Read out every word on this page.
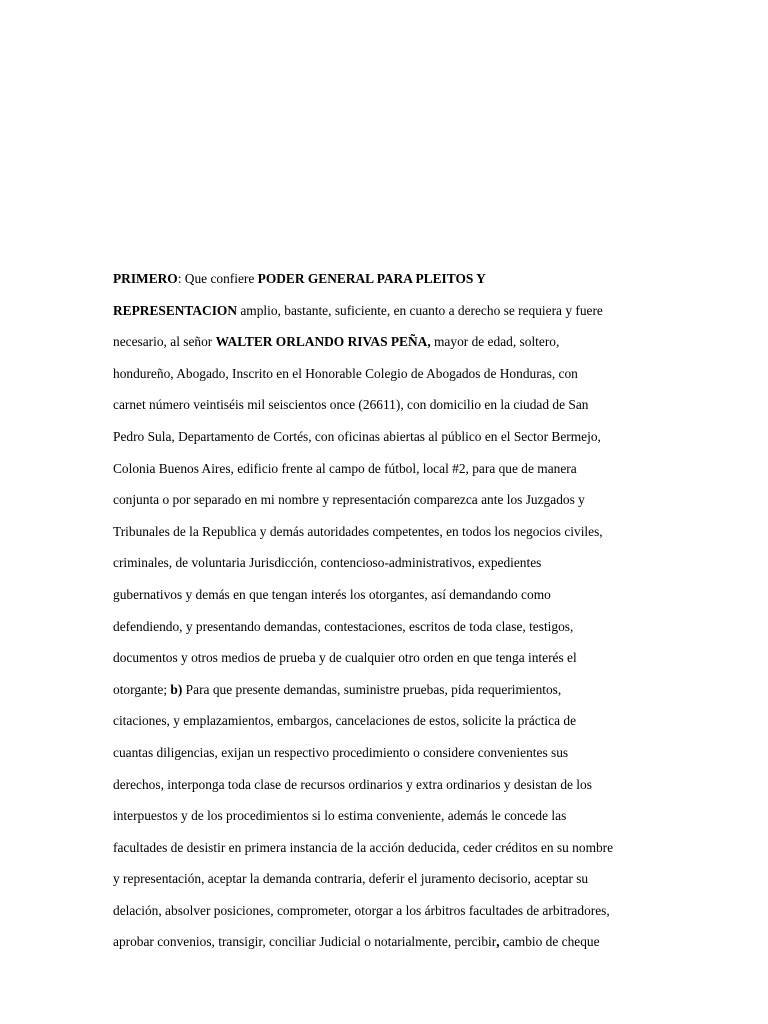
PRIMERO: Que confiere PODER GENERAL PARA PLEITOS Y
REPRESENTACION amplio, bastante, suficiente, en cuanto a derecho se requiera y fuere
necesario, al señor WALTER ORLANDO RIVAS PEÑA, mayor de edad, soltero,
hondureño, Abogado, Inscrito en el Honorable Colegio de Abogados de Honduras, con
carnet número veintiséis mil seiscientos once (26611), con domicilio en la ciudad de San
Pedro Sula, Departamento de Cortés, con oficinas abiertas al público en el Sector Bermejo,
Colonia Buenos Aires, edificio frente al campo de fútbol, local #2, para que de manera
conjunta o por separado en mi nombre y representación comparezca ante los Juzgados y
Tribunales de la Republica y demás autoridades competentes, en todos los negocios civiles,
criminales, de voluntaria Jurisdicción, contencioso-administrativos, expedientes
gubernativos y demás en que tengan interés los otorgantes, así demandando como
defendiendo, y presentando demandas, contestaciones, escritos de toda clase, testigos,
documentos y otros medios de prueba y de cualquier otro orden en que tenga interés el
otorgante; b) Para que presente demandas, suministre pruebas, pida requerimientos,
citaciones, y emplazamientos, embargos, cancelaciones de estos, solicite la práctica de
cuantas diligencias, exijan un respectivo procedimiento o considere convenientes sus
derechos, interponga toda clase de recursos ordinarios y extra ordinarios y desistan de los
interpuestos y de los procedimientos si lo estima conveniente, además le concede las
facultades de desistir en primera instancia de la acción deducida, ceder créditos en su nombre
y representación, aceptar la demanda contraria, deferir el juramento decisorio, aceptar su
delación, absolver posiciones, comprometer, otorgar a los árbitros facultades de arbitradores,
aprobar convenios, transigir, conciliar Judicial o notarialmente, percibir, cambio de cheque
